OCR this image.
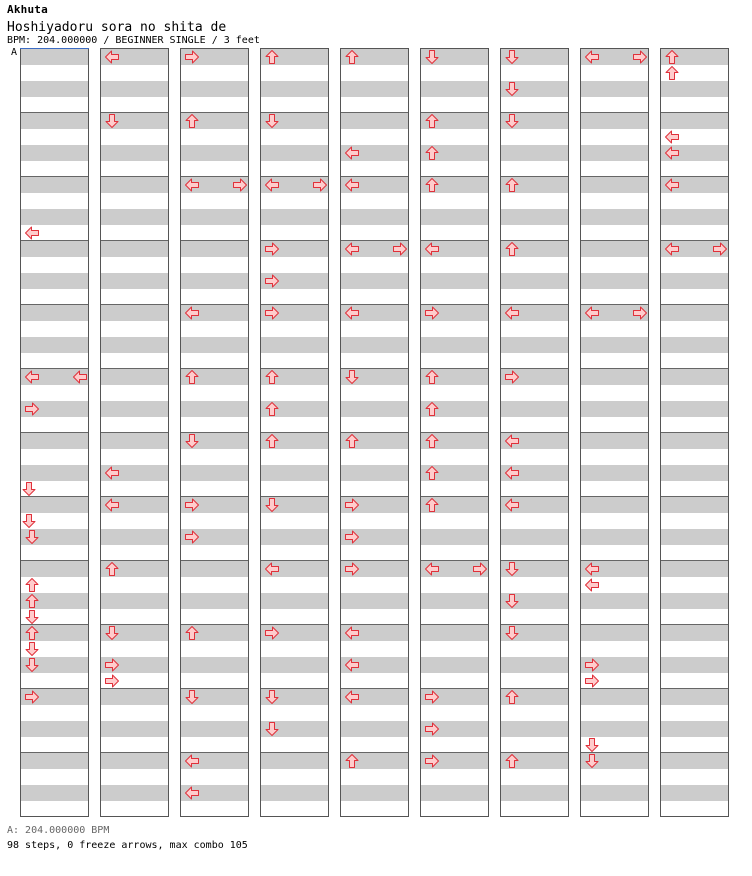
Akhuta
Hoshiyadoru sora no shita de
BPM: 204.000000 / BEGINNER SINGLE / 3 feet
A
A: 204.000000 BPM
98 steps, 0 freeze arrows, max combo 105
